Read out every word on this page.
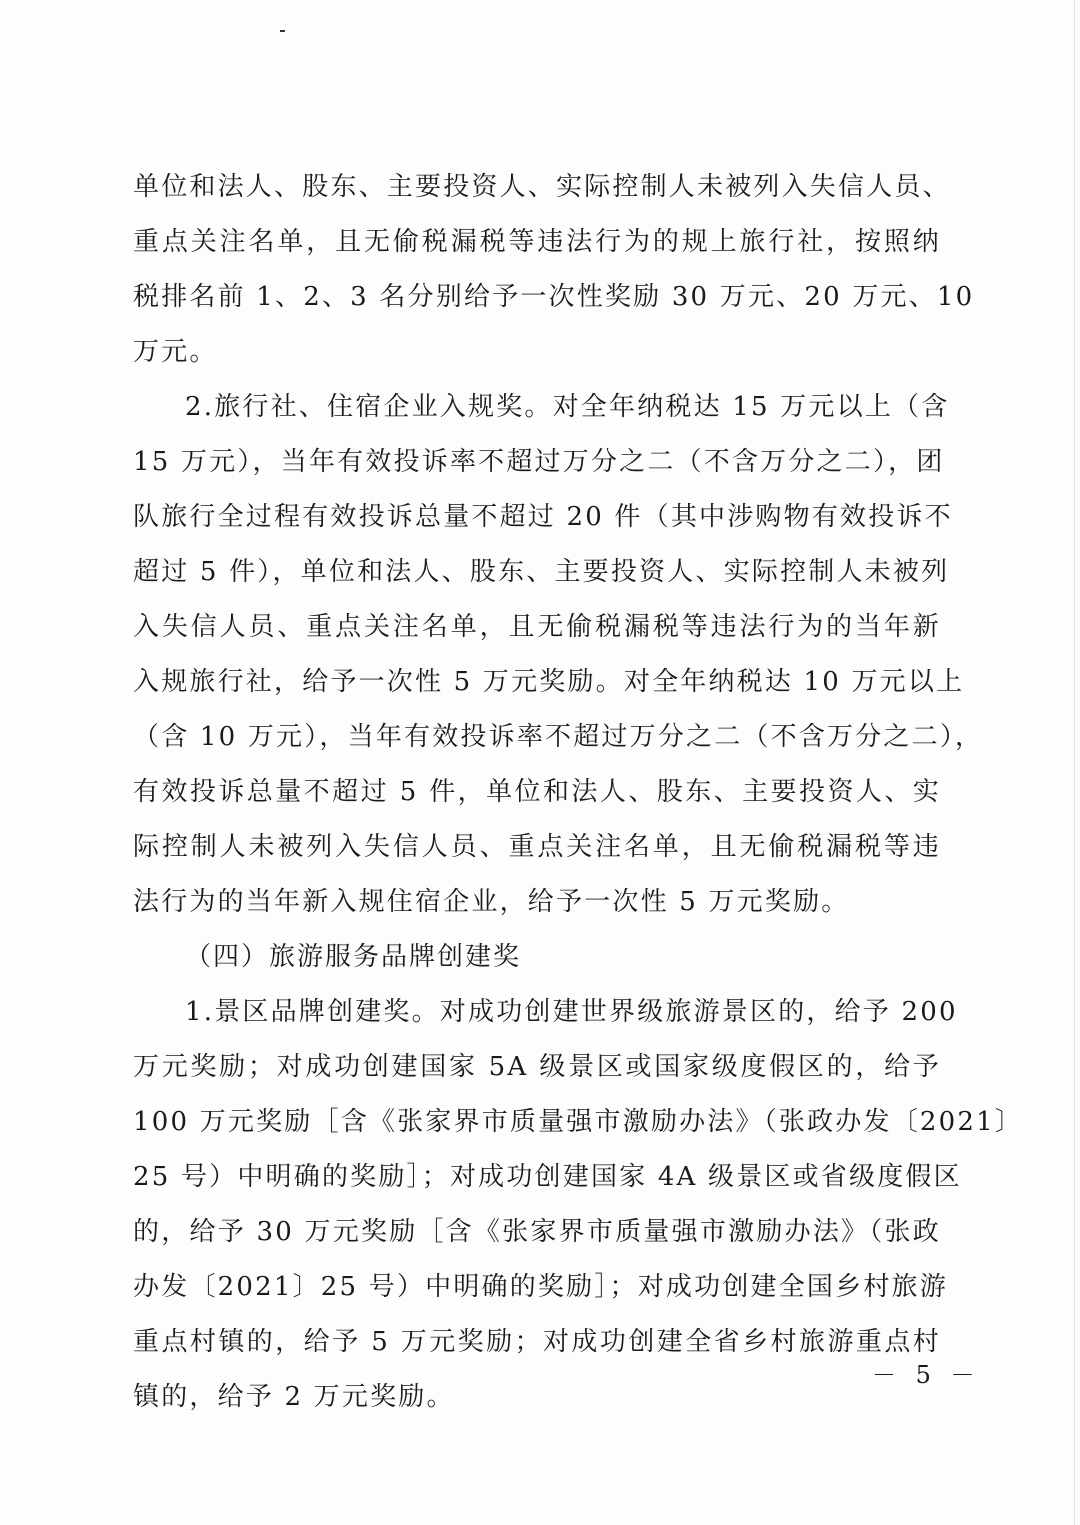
单位和法人、股东、主要投资人、实际控制人未被列入失信人员、
重点关注名单，且无偷税漏税等违法行为的规上旅行社，按照纳
税排名前 1、2、3 名分别给予一次性奖励 30 万元、20 万元、10
万元。
2.旅行社、住宿企业入规奖。对全年纳税达 15 万元以上（含
15 万元），当年有效投诉率不超过万分之二（不含万分之二），团
队旅行全过程有效投诉总量不超过 20 件（其中涉购物有效投诉不
超过 5 件），单位和法人、股东、主要投资人、实际控制人未被列
入失信人员、重点关注名单，且无偷税漏税等违法行为的当年新
入规旅行社，给予一次性 5 万元奖励。对全年纳税达 10 万元以上
（含 10 万元），当年有效投诉率不超过万分之二（不含万分之二），
有效投诉总量不超过 5 件，单位和法人、股东、主要投资人、实
际控制人未被列入失信人员、重点关注名单，且无偷税漏税等违
法行为的当年新入规住宿企业，给予一次性 5 万元奖励。
（四）旅游服务品牌创建奖
1.景区品牌创建奖。对成功创建世界级旅游景区的，给予 200
万元奖励；对成功创建国家 5A 级景区或国家级度假区的，给予
100 万元奖励［含《张家界市质量强市激励办法》（张政办发〔2021〕
25 号）中明确的奖励］；对成功创建国家 4A 级景区或省级度假区
的，给予 30 万元奖励［含《张家界市质量强市激励办法》（张政
办发〔2021〕25 号）中明确的奖励］；对成功创建全国乡村旅游
重点村镇的，给予 5 万元奖励；对成功创建全省乡村旅游重点村
镇的，给予 2 万元奖励。
－ 5 －
